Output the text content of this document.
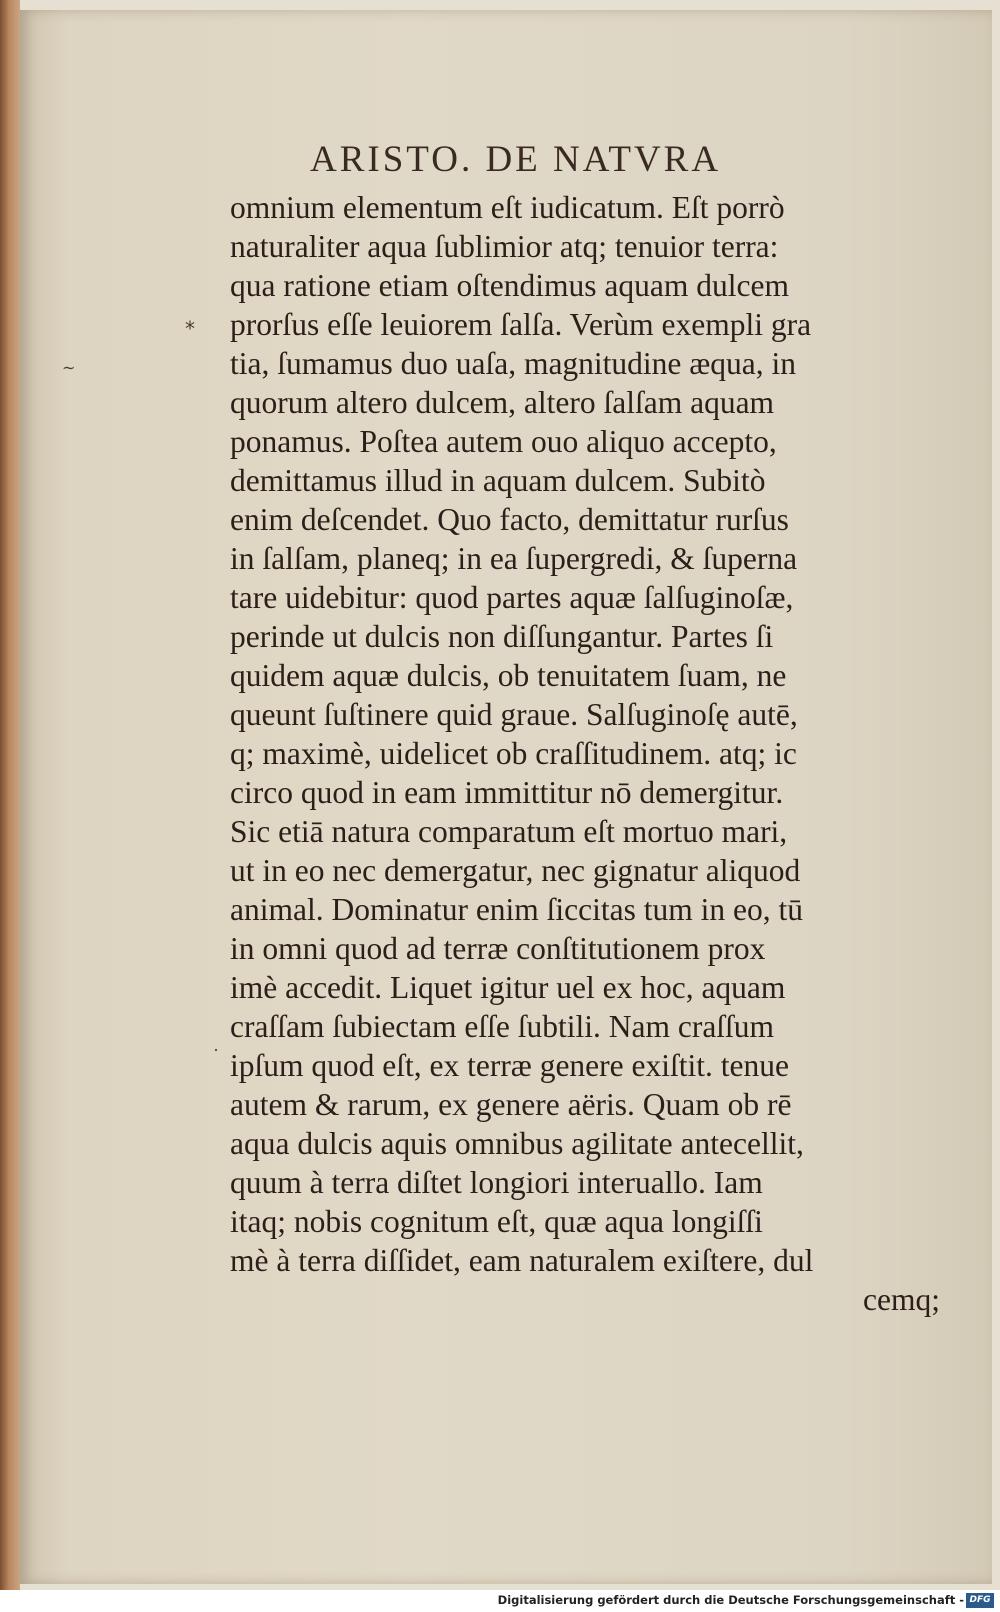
ARISTO. DE NATVRA
⁎
∼
·
omnium elementum eſt iudicatum. Eſt porrò
naturaliter aqua ſublimior atq; tenuior terra:
qua ratione etiam oſtendimus aquam dulcem
prorſus eſſe leuiorem ſalſa. Verùm exempli gra
tia, ſumamus duo uaſa, magnitudine æqua, in
quorum altero dulcem, altero ſalſam aquam
ponamus. Poſtea autem ouo aliquo accepto,
demittamus illud in aquam dulcem. Subitò
enim deſcendet. Quo facto, demittatur rurſus
in ſalſam, planeq; in ea ſupergredi, & ſuperna
tare uidebitur: quod partes aquæ ſalſuginoſæ,
perinde ut dulcis non diſſungantur. Partes ſi
quidem aquæ dulcis, ob tenuitatem ſuam, ne
queunt ſuſtinere quid graue. Salſuginoſę autē,
q; maximè, uidelicet ob craſſitudinem. atq; ic
circo quod in eam immittitur nō demergitur.
Sic etiā natura comparatum eſt mortuo mari,
ut in eo nec demergatur, nec gignatur aliquod
animal. Dominatur enim ſiccitas tum in eo, tū
in omni quod ad terræ conſtitutionem prox
imè accedit. Liquet igitur uel ex hoc, aquam
craſſam ſubiectam eſſe ſubtili. Nam craſſum
ipſum quod eſt, ex terræ genere exiſtit. tenue
autem & rarum, ex genere aëris. Quam ob rē
aqua dulcis aquis omnibus agilitate antecellit,
quum à terra diſtet longiori interuallo. Iam
itaq; nobis cognitum eſt, quæ aqua longiſſi
mè à terra diſſidet, eam naturalem exiſtere, dul
cemq;
Digitalisierung gefördert durch die Deutsche Forschungsgemeinschaft - DFG
